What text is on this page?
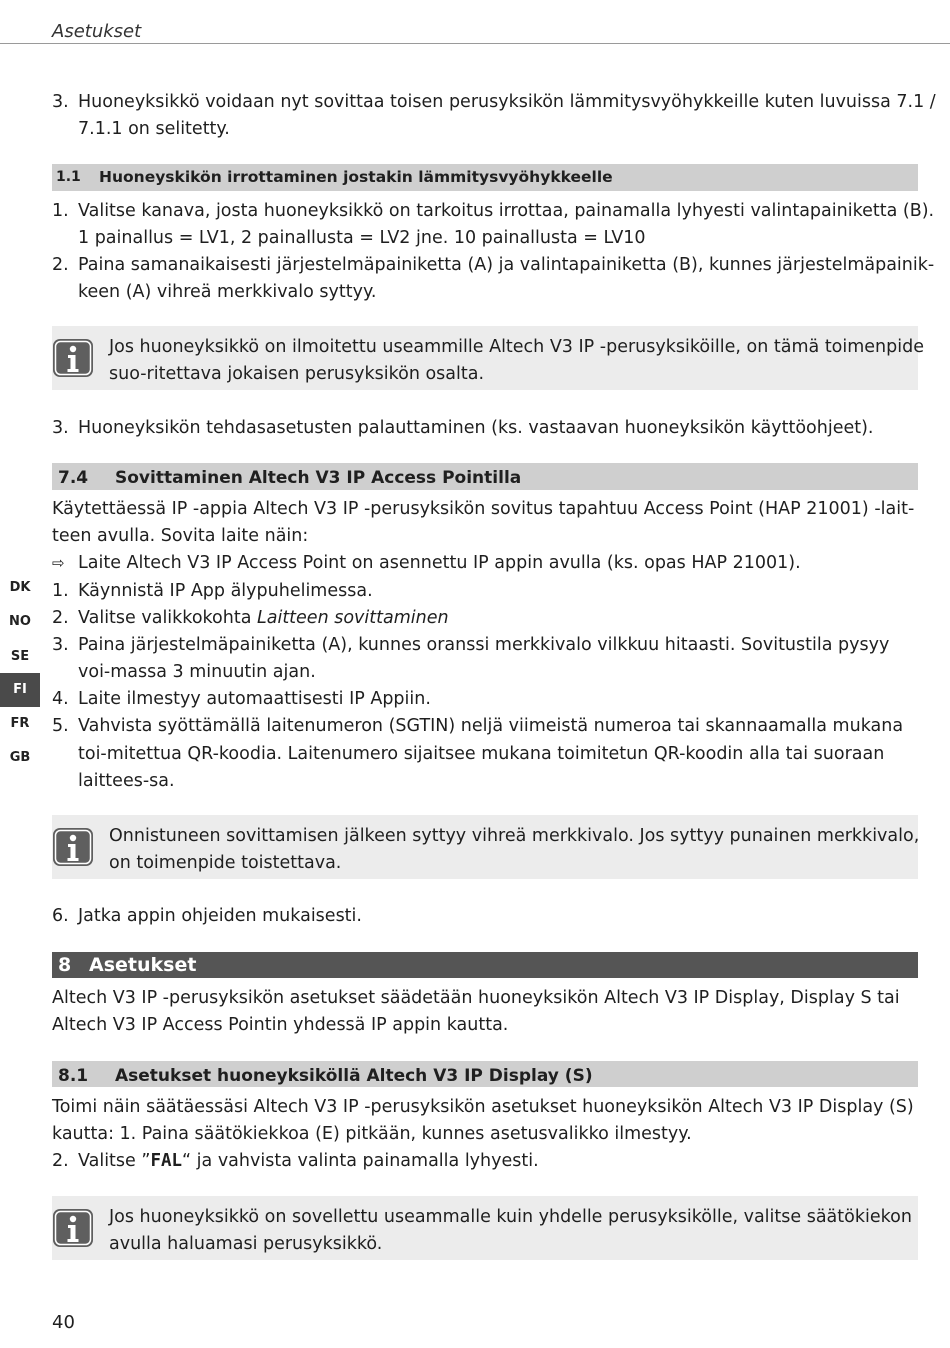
Asetukset
3. Huoneyksikkö voidaan nyt sovittaa toisen perusyksikön lämmitysvyöhykkeille kuten luvuissa 7.1 /
7.1.1 on selitetty.
1.1 Huoneyskikön irrottaminen jostakin lämmitysvyöhykkeelle
1. Valitse kanava, josta huoneyksikkö on tarkoitus irrottaa, painamalla lyhyesti valintapainiketta (B).
1 painallus = LV1, 2 painallusta = LV2 jne. 10 painallusta = LV10
2. Paina samanaikaisesti järjestelmäpainiketta (A) ja valintapainiketta (B), kunnes järjestelmäpainik-
keen (A) vihreä merkkivalo syttyy.
Jos huoneyksikkö on ilmoitettu useammille Altech V3 IP -perusyksiköille, on tämä toimenpide
suo-ritettava jokaisen perusyksikön osalta.
3. Huoneyksikön tehdasasetusten palauttaminen (ks. vastaavan huoneyksikön käyttöohjeet).
7.4 Sovittaminen Altech V3 IP Access Pointilla
Käytettäessä IP -appia Altech V3 IP -perusyksikön sovitus tapahtuu Access Point (HAP 21001) -lait-
teen avulla. Sovita laite näin:
⇨ Laite Altech V3 IP Access Point on asennettu IP appin avulla (ks. opas HAP 21001).
1. Käynnistä IP App älypuhelimessa.
2. Valitse valikkokohta Laitteen sovittaminen
3. Paina järjestelmäpainiketta (A), kunnes oranssi merkkivalo vilkkuu hitaasti. Sovitustila pysyy
voi-massa 3 minuutin ajan.
4. Laite ilmestyy automaattisesti IP Appiin.
5. Vahvista syöttämällä laitenumeron (SGTIN) neljä viimeistä numeroa tai skannaamalla mukana
toi-mitettua QR-koodia. Laitenumero sijaitsee mukana toimitetun QR-koodin alla tai suoraan
laittees-sa.
Onnistuneen sovittamisen jälkeen syttyy vihreä merkkivalo. Jos syttyy punainen merkkivalo,
on toimenpide toistettava.
6. Jatka appin ohjeiden mukaisesti.
8 Asetukset
Altech V3 IP -perusyksikön asetukset säädetään huoneyksikön Altech V3 IP Display, Display S tai
Altech V3 IP Access Pointin yhdessä IP appin kautta.
8.1 Asetukset huoneyksiköllä Altech V3 IP Display (S)
Toimi näin säätäessäsi Altech V3 IP -perusyksikön asetukset huoneyksikön Altech V3 IP Display (S)
kautta: 1. Paina säätökiekkoa (E) pitkään, kunnes asetusvalikko ilmestyy.
2. Valitse ”FAL“ ja vahvista valinta painamalla lyhyesti.
Jos huoneyksikkö on sovellettu useammalle kuin yhdelle perusyksikölle, valitse säätökiekon
avulla haluamasi perusyksikkö.
DK
NO
SE
FI
FR
GB
40
